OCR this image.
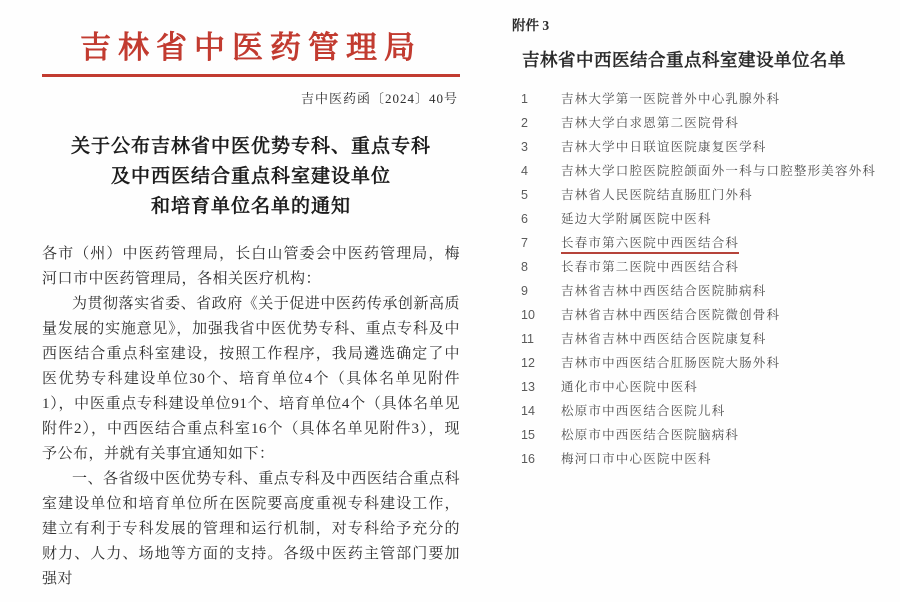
吉林省中医药管理局
吉中医药函〔2024〕40号
关于公布吉林省中医优势专科、重点专科
及中西医结合重点科室建设单位
和培育单位名单的通知

各市（州）中医药管理局，长白山管委会中医药管理局，梅河口市中医药管理局，各相关医疗机构：

为贯彻落实省委、省政府《关于促进中医药传承创新高质量发展的实施意见》，加强我省中医优势专科、重点专科及中西医结合重点科室建设，按照工作程序，我局遴选确定了中医优势专科建设单位30个、培育单位4个（具体名单见附件1），中医重点专科建设单位91个、培育单位4个（具体名单见附件2），中西医结合重点科室16个（具体名单见附件3），现予公布，并就有关事宜通知如下：

一、各省级中医优势专科、重点专科及中西医结合重点科室建设单位和培育单位所在医院要高度重视专科建设工作，建立有利于专科发展的管理和运行机制，对专科给予充分的财力、人力、场地等方面的支持。各级中医药主管部门要加强对

附件 3
吉林省中西医结合重点科室建设单位名单
1	吉林大学第一医院普外中心乳腺外科
2	吉林大学白求恩第二医院骨科
3	吉林大学中日联谊医院康复医学科
4	吉林大学口腔医院腔颌面外一科与口腔整形美容外科
5	吉林省人民医院结直肠肛门外科
6	延边大学附属医院中医科
7	长春市第六医院中西医结合科
8	长春市第二医院中西医结合科
9	吉林省吉林中西医结合医院肺病科
10	吉林省吉林中西医结合医院微创骨科
11	吉林省吉林中西医结合医院康复科
12	吉林市中西医结合肛肠医院大肠外科
13	通化市中心医院中医科
14	松原市中西医结合医院儿科
15	松原市中西医结合医院脑病科
16	梅河口市中心医院中医科
